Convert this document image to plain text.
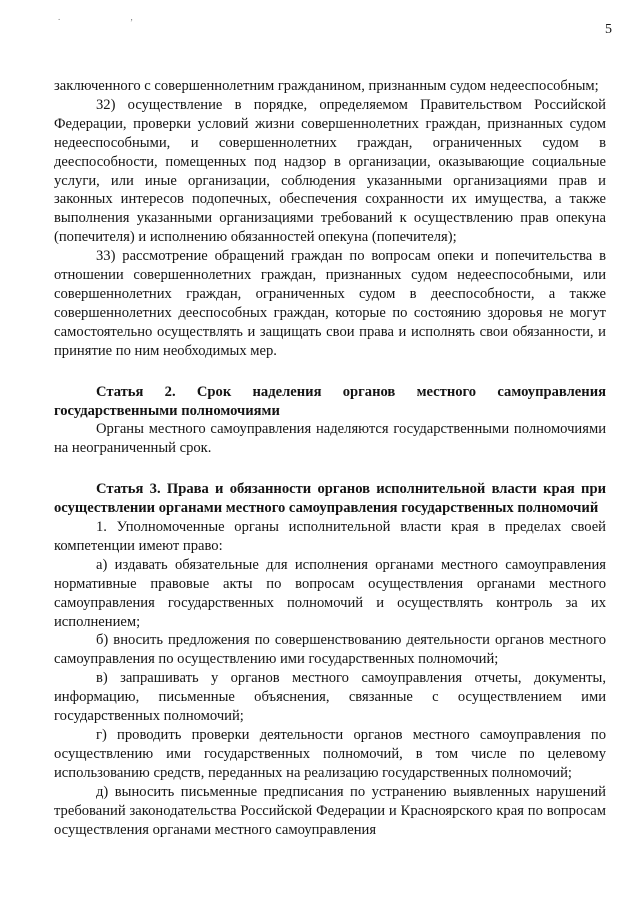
. ,
5

заключенного с совершеннолетним гражданином, признанным судом недееспособным;

32) осуществление в порядке, определяемом Правительством Российской Федерации, проверки условий жизни совершеннолетних граждан, признанных судом недееспособными, и совершеннолетних граждан, ограниченных судом в дееспособности, помещенных под надзор в организации, оказывающие социальные услуги, или иные организации, соблюдения указанными организациями прав и законных интересов подопечных, обеспечения сохранности их имущества, а также выполнения указанными организациями требований к осуществлению прав опекуна (попечителя) и исполнению обязанностей опекуна (попечителя);

33) рассмотрение обращений граждан по вопросам опеки и попечительства в отношении совершеннолетних граждан, признанных судом недееспособными, или совершеннолетних граждан, ограниченных судом в дееспособности, а также совершеннолетних дееспособных граждан, которые по состоянию здоровья не могут самостоятельно осуществлять и защищать свои права и исполнять свои обязанности, и принятие по ним необходимых мер.

Статья 2. Срок наделения органов местного самоуправления государственными полномочиями

Органы местного самоуправления наделяются государственными полномочиями на неограниченный срок.

Статья 3. Права и обязанности органов исполнительной власти края при осуществлении органами местного самоуправления государственных полномочий

1. Уполномоченные органы исполнительной власти края в пределах своей компетенции имеют право:

а) издавать обязательные для исполнения органами местного самоуправления нормативные правовые акты по вопросам осуществления органами местного самоуправления государственных полномочий и осуществлять контроль за их исполнением;

б) вносить предложения по совершенствованию деятельности органов местного самоуправления по осуществлению ими государственных полномочий;

в) запрашивать у органов местного самоуправления отчеты, документы, информацию, письменные объяснения, связанные с осуществлением ими государственных полномочий;

г) проводить проверки деятельности органов местного самоуправления по осуществлению ими государственных полномочий, в том числе по целевому использованию средств, переданных на реализацию государственных полномочий;

д) выносить письменные предписания по устранению выявленных нарушений требований законодательства Российской Федерации и Красноярского края по вопросам осуществления органами местного самоуправления
